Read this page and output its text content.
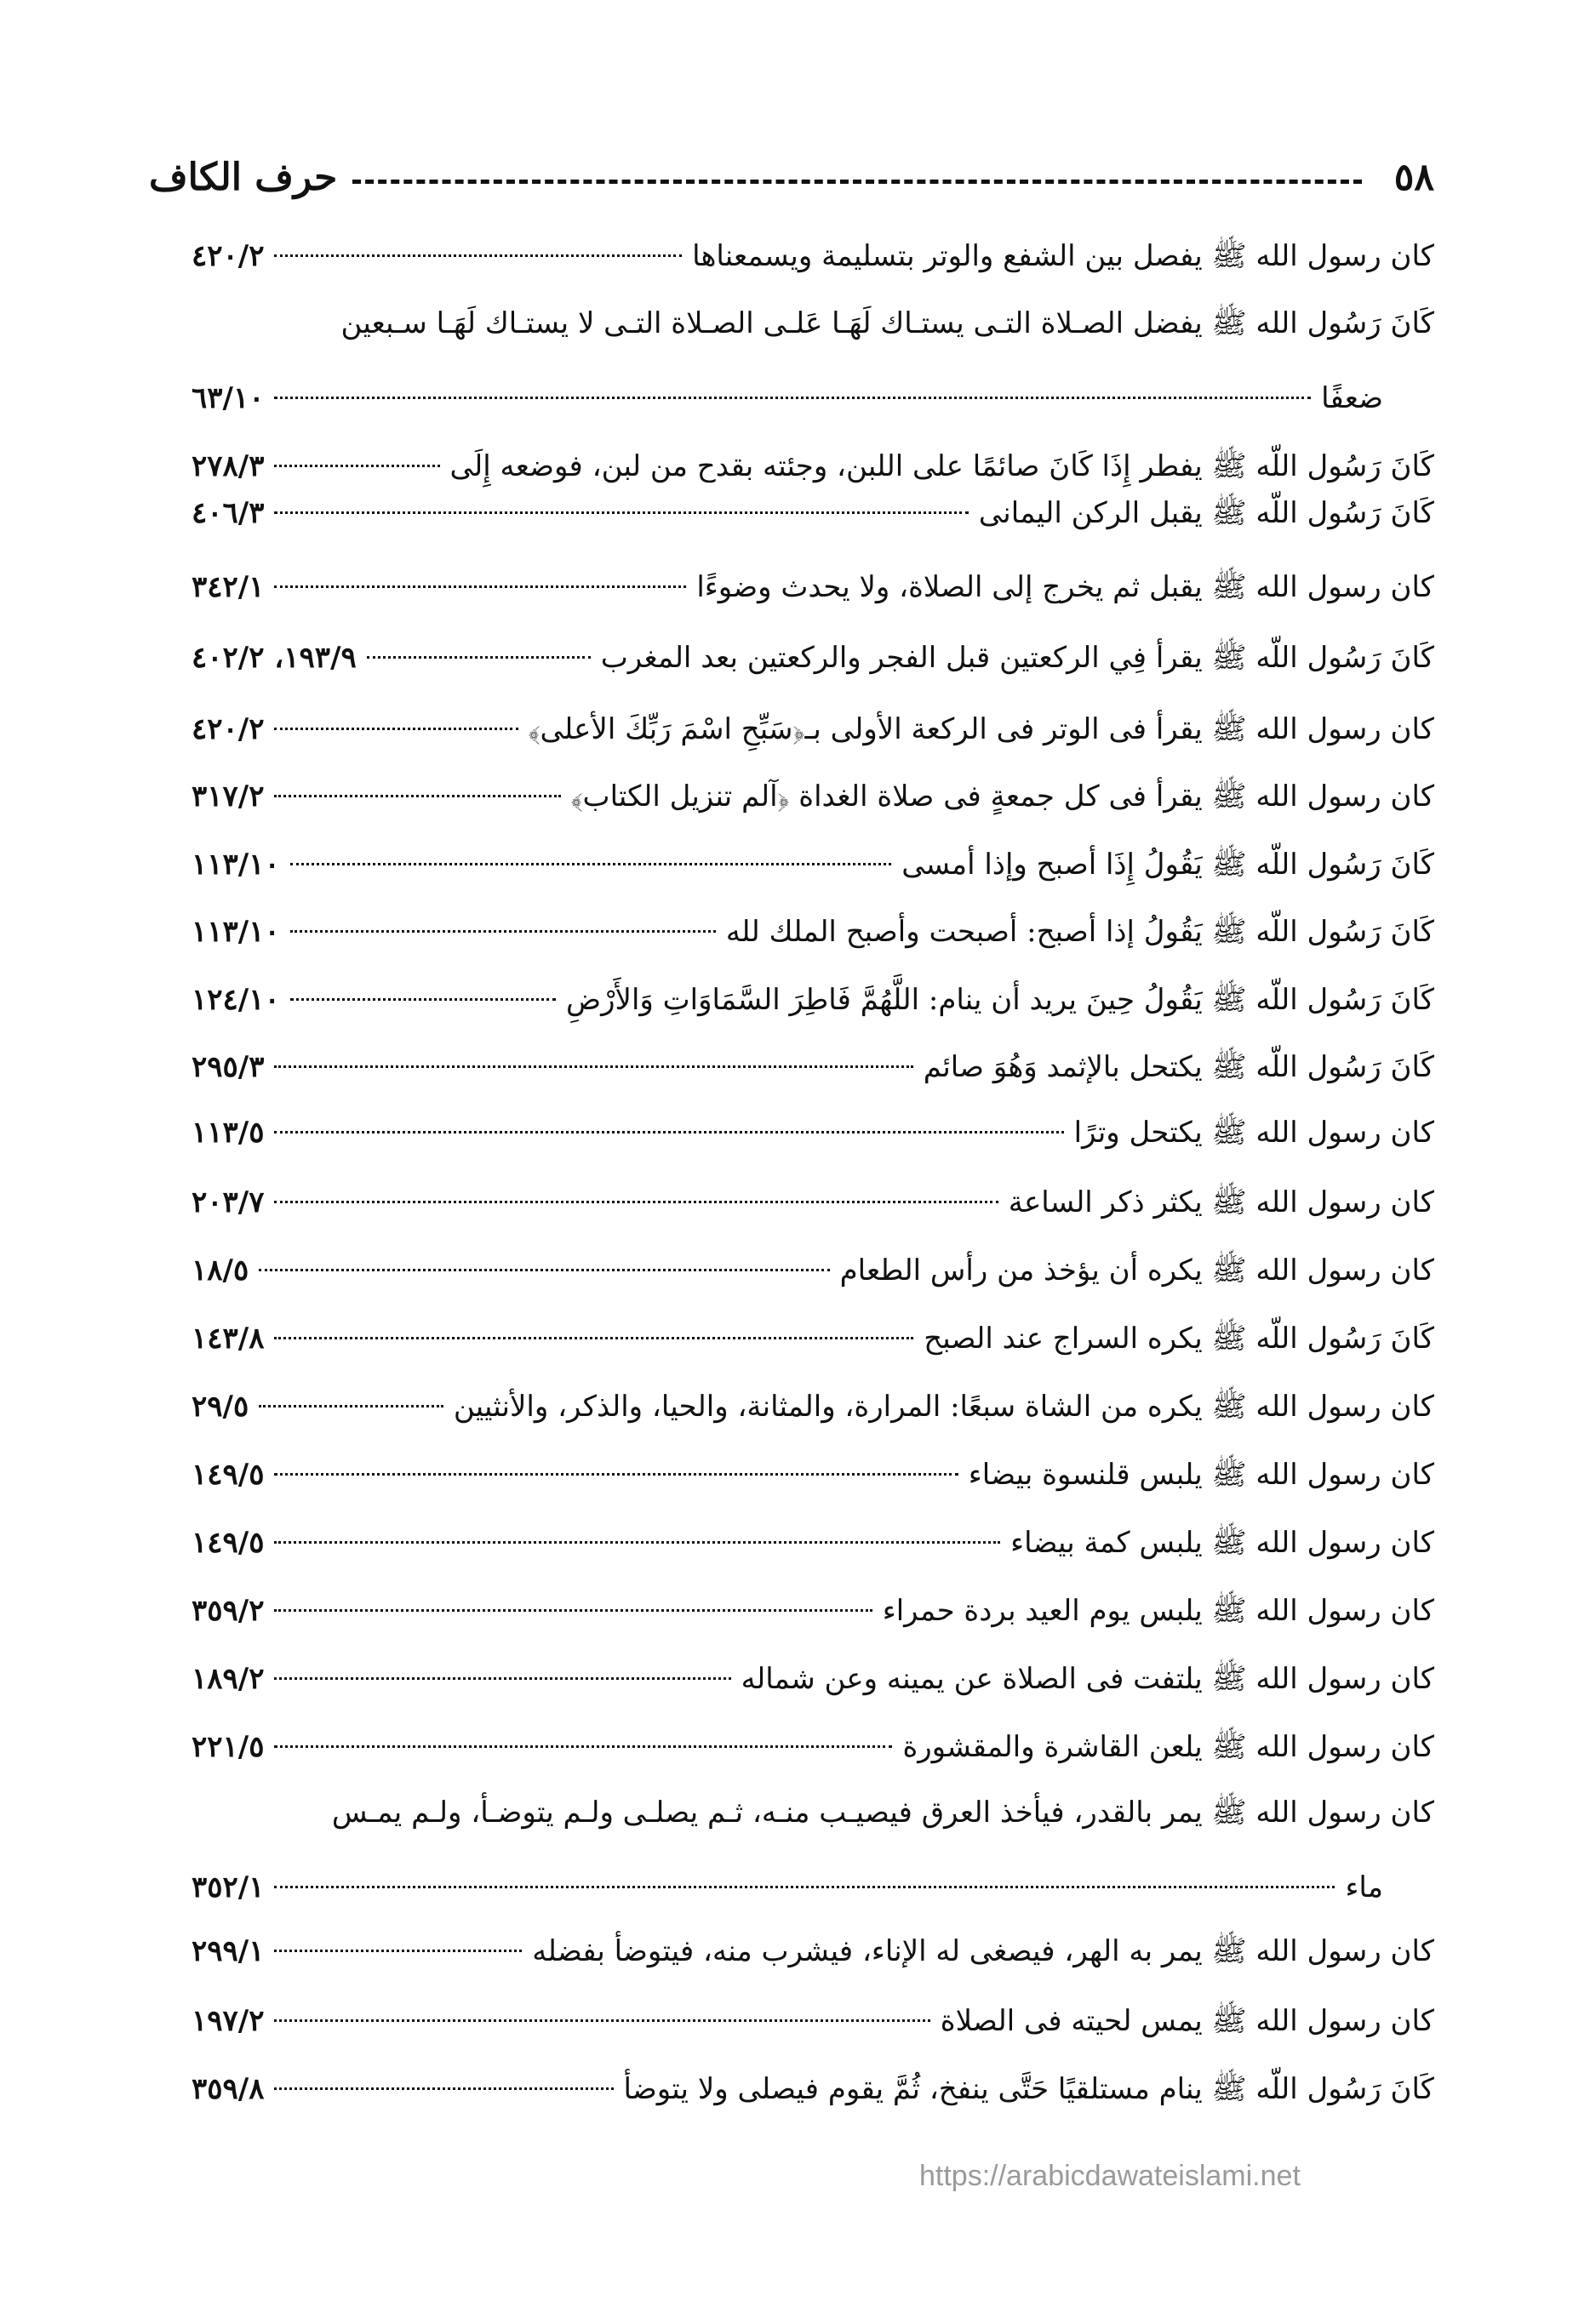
٥٨
حرف الكاف
كان رسول الله ﷺ يفصل بين الشفع والوتر بتسليمة ويسمعناها
٤٢٠/٢
كَانَ رَسُول الله ﷺ يفضل الصـلاة التـى يستـاك لَهَـا عَلـى الصـلاة التـى لا يستـاك لَهَـا سـبعين
ضعفًا
٦٣/١٠
كَانَ رَسُول اللّه ﷺ يفطر إِذَا كَانَ صائمًا على اللبن، وجئته بقدح من لبن، فوضعه إِلَى
٢٧٨/٣
كَانَ رَسُول اللّه ﷺ يقبل الركن اليمانى
٤٠٦/٣
كان رسول الله ﷺ يقبل ثم يخرج إلى الصلاة، ولا يحدث وضوءًا
٣٤٢/١
كَانَ رَسُول اللّه ﷺ يقرأ فِي الركعتين قبل الفجر والركعتين بعد المغرب
١٩٣/٩، ٤٠٢/٢
كان رسول الله ﷺ يقرأ فى الوتر فى الركعة الأولى بـ﴿سَبِّحِ اسْمَ رَبِّكَ الأعلى﴾
٤٢٠/٢
كان رسول الله ﷺ يقرأ فى كل جمعةٍ فى صلاة الغداة ﴿آلم تنزيل الكتاب﴾
٣١٧/٢
كَانَ رَسُول اللّه ﷺ يَقُولُ إِذَا أصبح وإذا أمسى
١١٣/١٠
كَانَ رَسُول اللّه ﷺ يَقُولُ إذا أصبح: أصبحت وأصبح الملك لله
١١٣/١٠
كَانَ رَسُول اللّه ﷺ يَقُولُ حِينَ يريد أن ينام: اللَّهُمَّ فَاطِرَ السَّمَاوَاتِ وَالأَرْضِ
١٢٤/١٠
كَانَ رَسُول اللّه ﷺ يكتحل بالإثمد وَهُوَ صائم
٢٩٥/٣
كان رسول الله ﷺ يكتحل وترًا
١١٣/٥
كان رسول الله ﷺ يكثر ذكر الساعة
٢٠٣/٧
كان رسول الله ﷺ يكره أن يؤخذ من رأس الطعام
١٨/٥
كَانَ رَسُول اللّه ﷺ يكره السراج عند الصبح
١٤٣/٨
كان رسول الله ﷺ يكره من الشاة سبعًا: المرارة، والمثانة، والحيا، والذكر، والأنثيين
٢٩/٥
كان رسول الله ﷺ يلبس قلنسوة بيضاء
١٤٩/٥
كان رسول الله ﷺ يلبس كمة بيضاء
١٤٩/٥
كان رسول الله ﷺ يلبس يوم العيد بردة حمراء
٣٥٩/٢
كان رسول الله ﷺ يلتفت فى الصلاة عن يمينه وعن شماله
١٨٩/٢
كان رسول الله ﷺ يلعن القاشرة والمقشورة
٢٢١/٥
كان رسول الله ﷺ يمر بالقدر، فيأخذ العرق فيصيـب منـه، ثـم يصلـى ولـم يتوضـأ، ولـم يمـس
ماء
٣٥٢/١
كان رسول الله ﷺ يمر به الهر، فيصغى له الإناء، فيشرب منه، فيتوضأ بفضله
٢٩٩/١
كان رسول الله ﷺ يمس لحيته فى الصلاة
١٩٧/٢
كَانَ رَسُول اللّه ﷺ ينام مستلقيًا حَتَّى ينفخ، ثُمَّ يقوم فيصلى ولا يتوضأ
٣٥٩/٨
https://arabicdawateislami.net
